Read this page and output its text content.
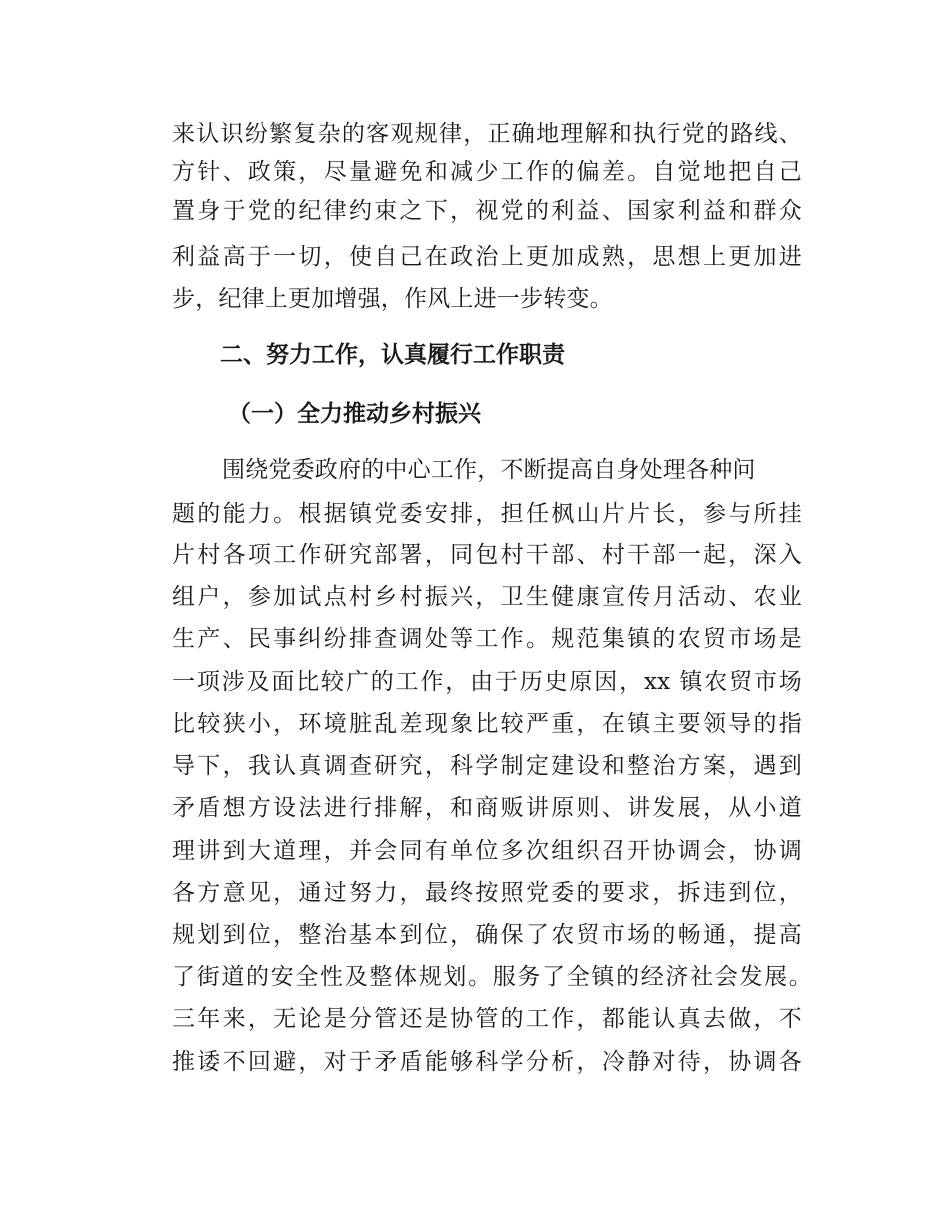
来认识纷繁复杂的客观规律，正确地理解和执行党的路线、
方针、政策，尽量避免和减少工作的偏差。自觉地把自己
置身于党的纪律约束之下，视党的利益、国家利益和群众
利益高于一切，使自己在政治上更加成熟，思想上更加进
步，纪律上更加增强，作风上进一步转变。
二、努力工作，认真履行工作职责
（一）全力推动乡村振兴
围绕党委政府的中心工作，不断提高自身处理各种问
题的能力。根据镇党委安排，担任枫山片片长，参与所挂
片村各项工作研究部署，同包村干部、村干部一起，深入
组户，参加试点村乡村振兴，卫生健康宣传月活动、农业
生产、民事纠纷排查调处等工作。规范集镇的农贸市场是
一项涉及面比较广的工作，由于历史原因，xx 镇农贸市场
比较狭小，环境脏乱差现象比较严重，在镇主要领导的指
导下，我认真调查研究，科学制定建设和整治方案，遇到
矛盾想方设法进行排解，和商贩讲原则、讲发展，从小道
理讲到大道理，并会同有单位多次组织召开协调会，协调
各方意见，通过努力，最终按照党委的要求，拆违到位，
规划到位，整治基本到位，确保了农贸市场的畅通，提高
了街道的安全性及整体规划。服务了全镇的经济社会发展。
三年来，无论是分管还是协管的工作，都能认真去做，不
推诿不回避，对于矛盾能够科学分析，冷静对待，协调各
